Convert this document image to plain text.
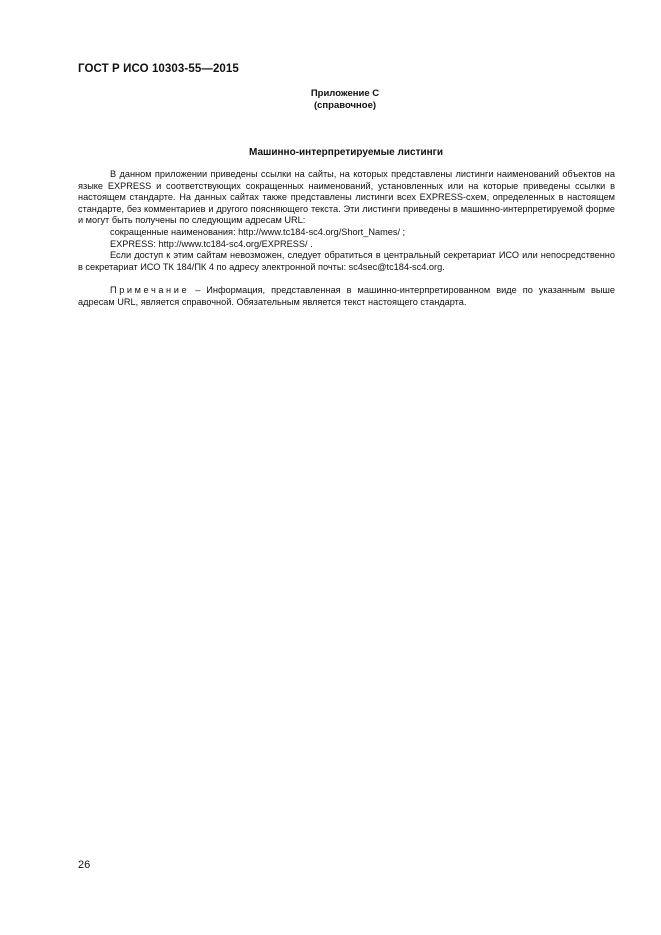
ГОСТ Р ИСО 10303-55—2015
Приложение C
(справочное)
Машинно-интерпретируемые листинги

В данном приложении приведены ссылки на сайты, на которых представлены листинги наименований объектов на языке EXPRESS и соответствующих сокращенных наименований, установленных или на которые приведены ссылки в настоящем стандарте. На данных сайтах также представлены листинги всех EXPRESS-схем, определенных в настоящем стандарте, без комментариев и другого поясняющего текста. Эти листинги приведены в машинно-интерпретируемой форме и могут быть получены по следующим адресам URL:

сокращенные наименования: http://www.tc184-sc4.org/Short_Names/ ;

EXPRESS: http://www.tc184-sc4.org/EXPRESS/ .

Если доступ к этим сайтам невозможен, следует обратиться в центральный секретариат ИСО или непосредственно в секретариат ИСО ТК 184/ПК 4 по адресу электронной почты: sc4sec@tc184-sc4.org.

Примечание – Информация, представленная в машинно-интерпретированном виде по указанным выше адресам URL, является справочной. Обязательным является текст настоящего стандарта.

26
